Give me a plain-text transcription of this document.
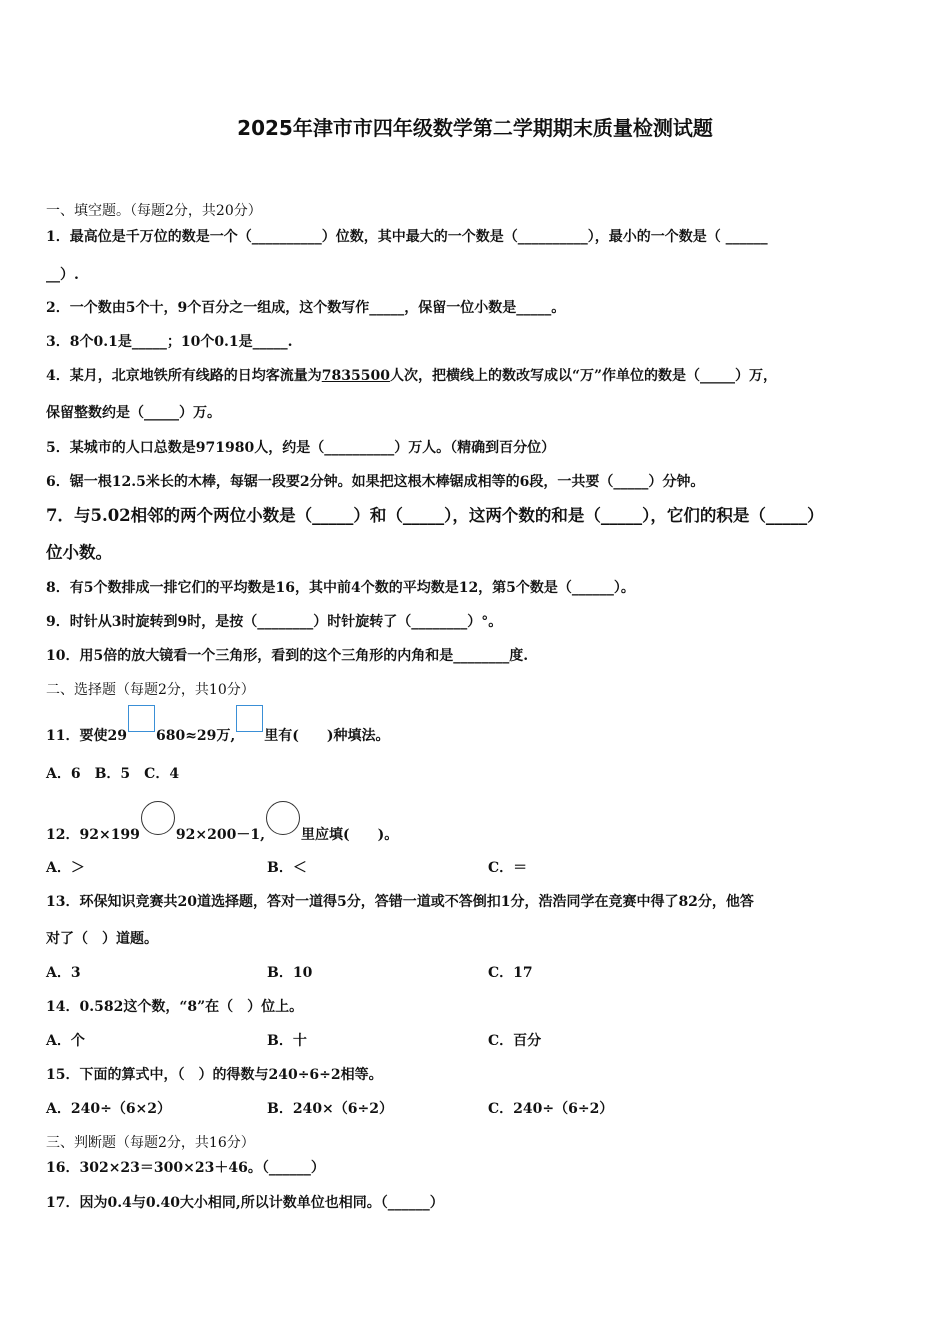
2025年津市市四年级数学第二学期期末质量检测试题
一、填空题。（每题2分，共20分）
1．最高位是千万位的数是一个（__________）位数，其中最大的一个数是（__________），最小的一个数是（ ______
__）.
2．一个数由5个十，9个百分之一组成，这个数写作_____，保留一位小数是_____。
3．8个0.1是_____；10个0.1是_____.
4．某月，北京地铁所有线路的日均客流量为7835500人次，把横线上的数改写成以“万”作单位的数是（_____）万，
保留整数约是（_____）万。
5．某城市的人口总数是971980人，约是（__________）万人。（精确到百分位）
6．锯一根12.5米长的木棒，每锯一段要2分钟。如果把这根木棒锯成相等的6段，一共要（_____）分钟。
7．与5.02相邻的两个两位小数是（_____）和（_____），这两个数的和是（_____），它们的积是（_____）
位小数。
8．有5个数排成一排它们的平均数是16，其中前4个数的平均数是12，第5个数是（______）。
9．时针从3时旋转到9时，是按（________）时针旋转了（________）°。
10．用5倍的放大镜看一个三角形，看到的这个三角形的内角和是________度.
二、选择题（每题2分，共10分）
11．要使29 680≈29万, 里有(　　)种填法。
A．6　B．5　C．4
12．92×199	92×200－1,	里应填(　　)。
A．＞	B．＜	C．＝
13．环保知识竞赛共20道选择题，答对一道得5分，答错一道或不答倒扣1分，浩浩同学在竞赛中得了82分，他答
对了（　）道题。
A．3	B．10	C．17
14．0.582这个数，“8”在（　）位上。
A．个	B．十	C．百分
15．下面的算式中，（　）的得数与240÷6÷2相等。
A．240÷（6×2）	B．240×（6÷2）	C．240÷（6÷2）
三、判断题（每题2分，共16分）
16．302×23＝300×23＋46。（______）
17．因为0.4与0.40大小相同,所以计数单位也相同。（______）
